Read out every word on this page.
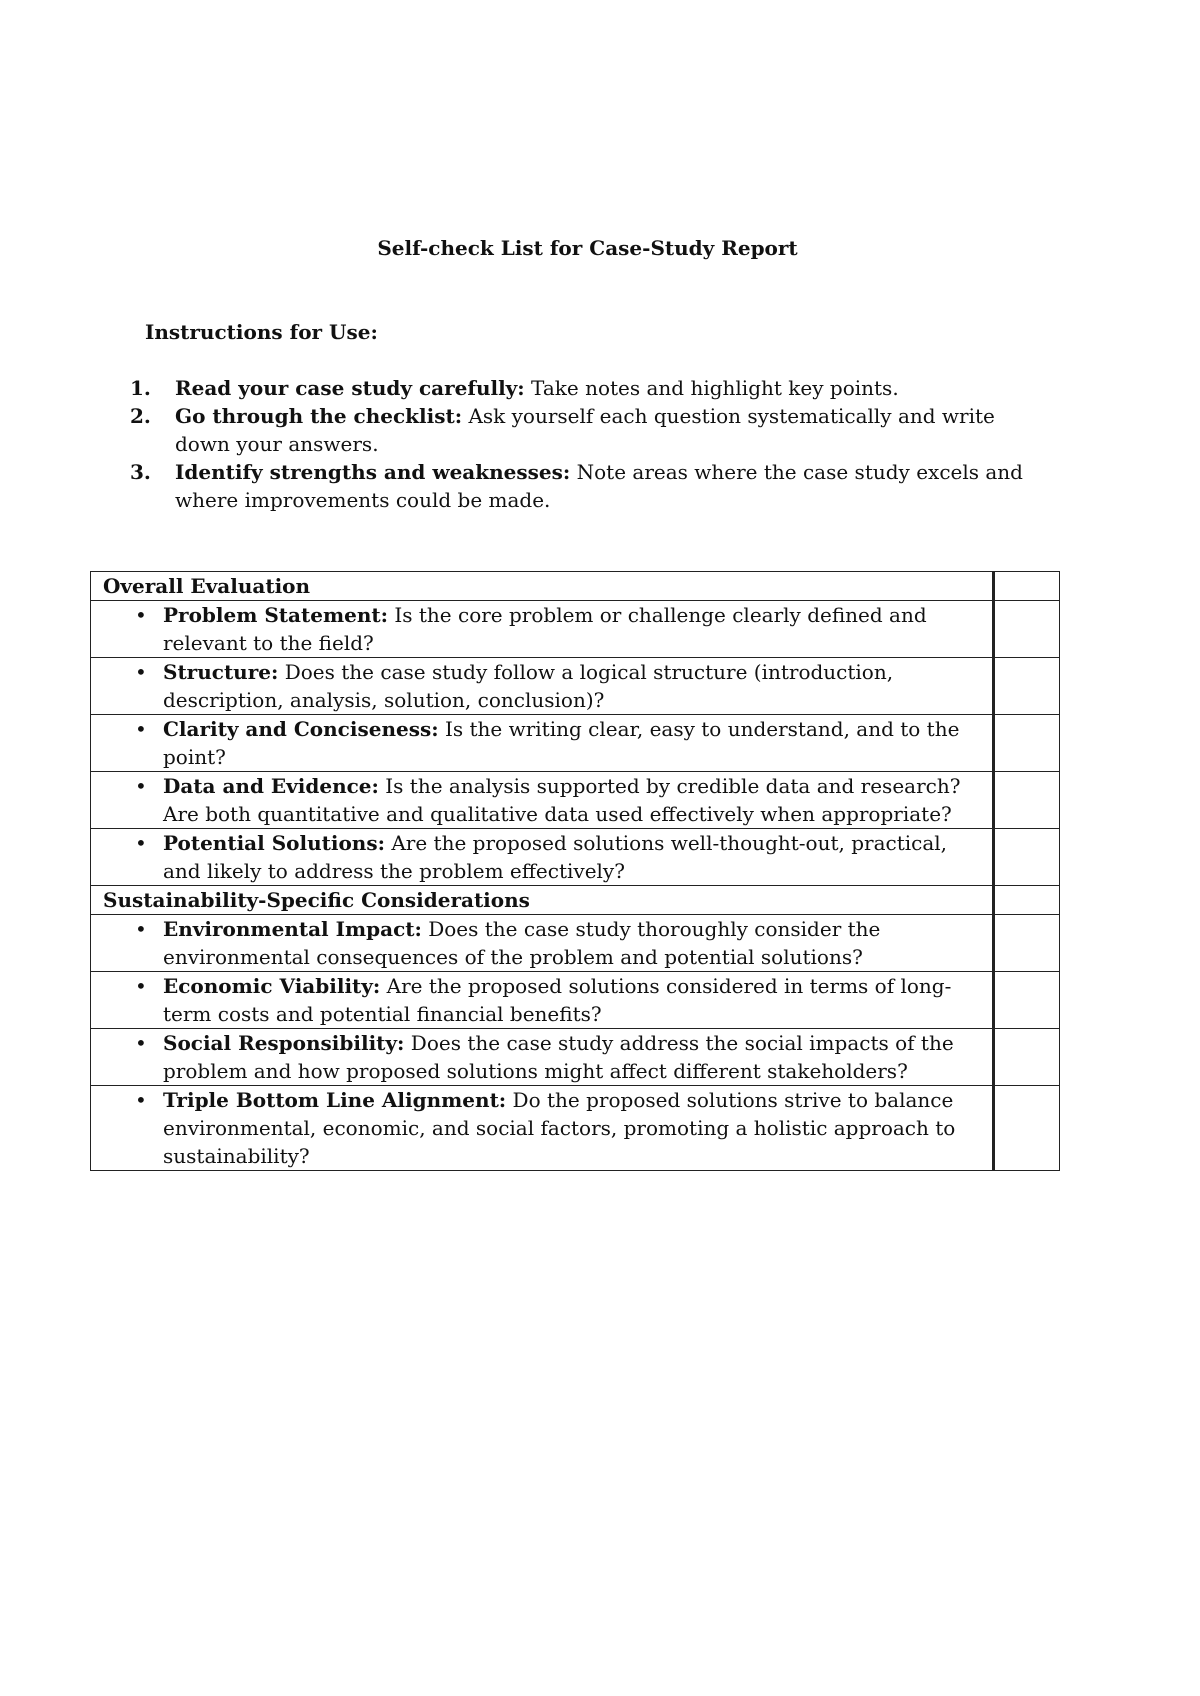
Self-check List for Case-Study Report
Instructions for Use:
1. Read your case study carefully: Take notes and highlight key points.
2. Go through the checklist: Ask yourself each question systematically and write down your answers.
3. Identify strengths and weaknesses: Note areas where the case study excels and where improvements could be made.
Overall Evaluation	

• Problem Statement: Is the core problem or challenge clearly defined and relevant to the field?	

• Structure: Does the case study follow a logical structure (introduction, description, analysis, solution, conclusion)?	

• Clarity and Conciseness: Is the writing clear, easy to understand, and to the point?	

• Data and Evidence: Is the analysis supported by credible data and research? Are both quantitative and qualitative data used effectively when appropriate?	

• Potential Solutions: Are the proposed solutions well-thought-out, practical, and likely to address the problem effectively?	

Sustainability-Specific Considerations	

• Environmental Impact: Does the case study thoroughly consider the environmental consequences of the problem and potential solutions?	

• Economic Viability: Are the proposed solutions considered in terms of long-term costs and potential financial benefits?	

• Social Responsibility: Does the case study address the social impacts of the problem and how proposed solutions might affect different stakeholders?	

• Triple Bottom Line Alignment: Do the proposed solutions strive to balance environmental, economic, and social factors, promoting a holistic approach to sustainability?	
